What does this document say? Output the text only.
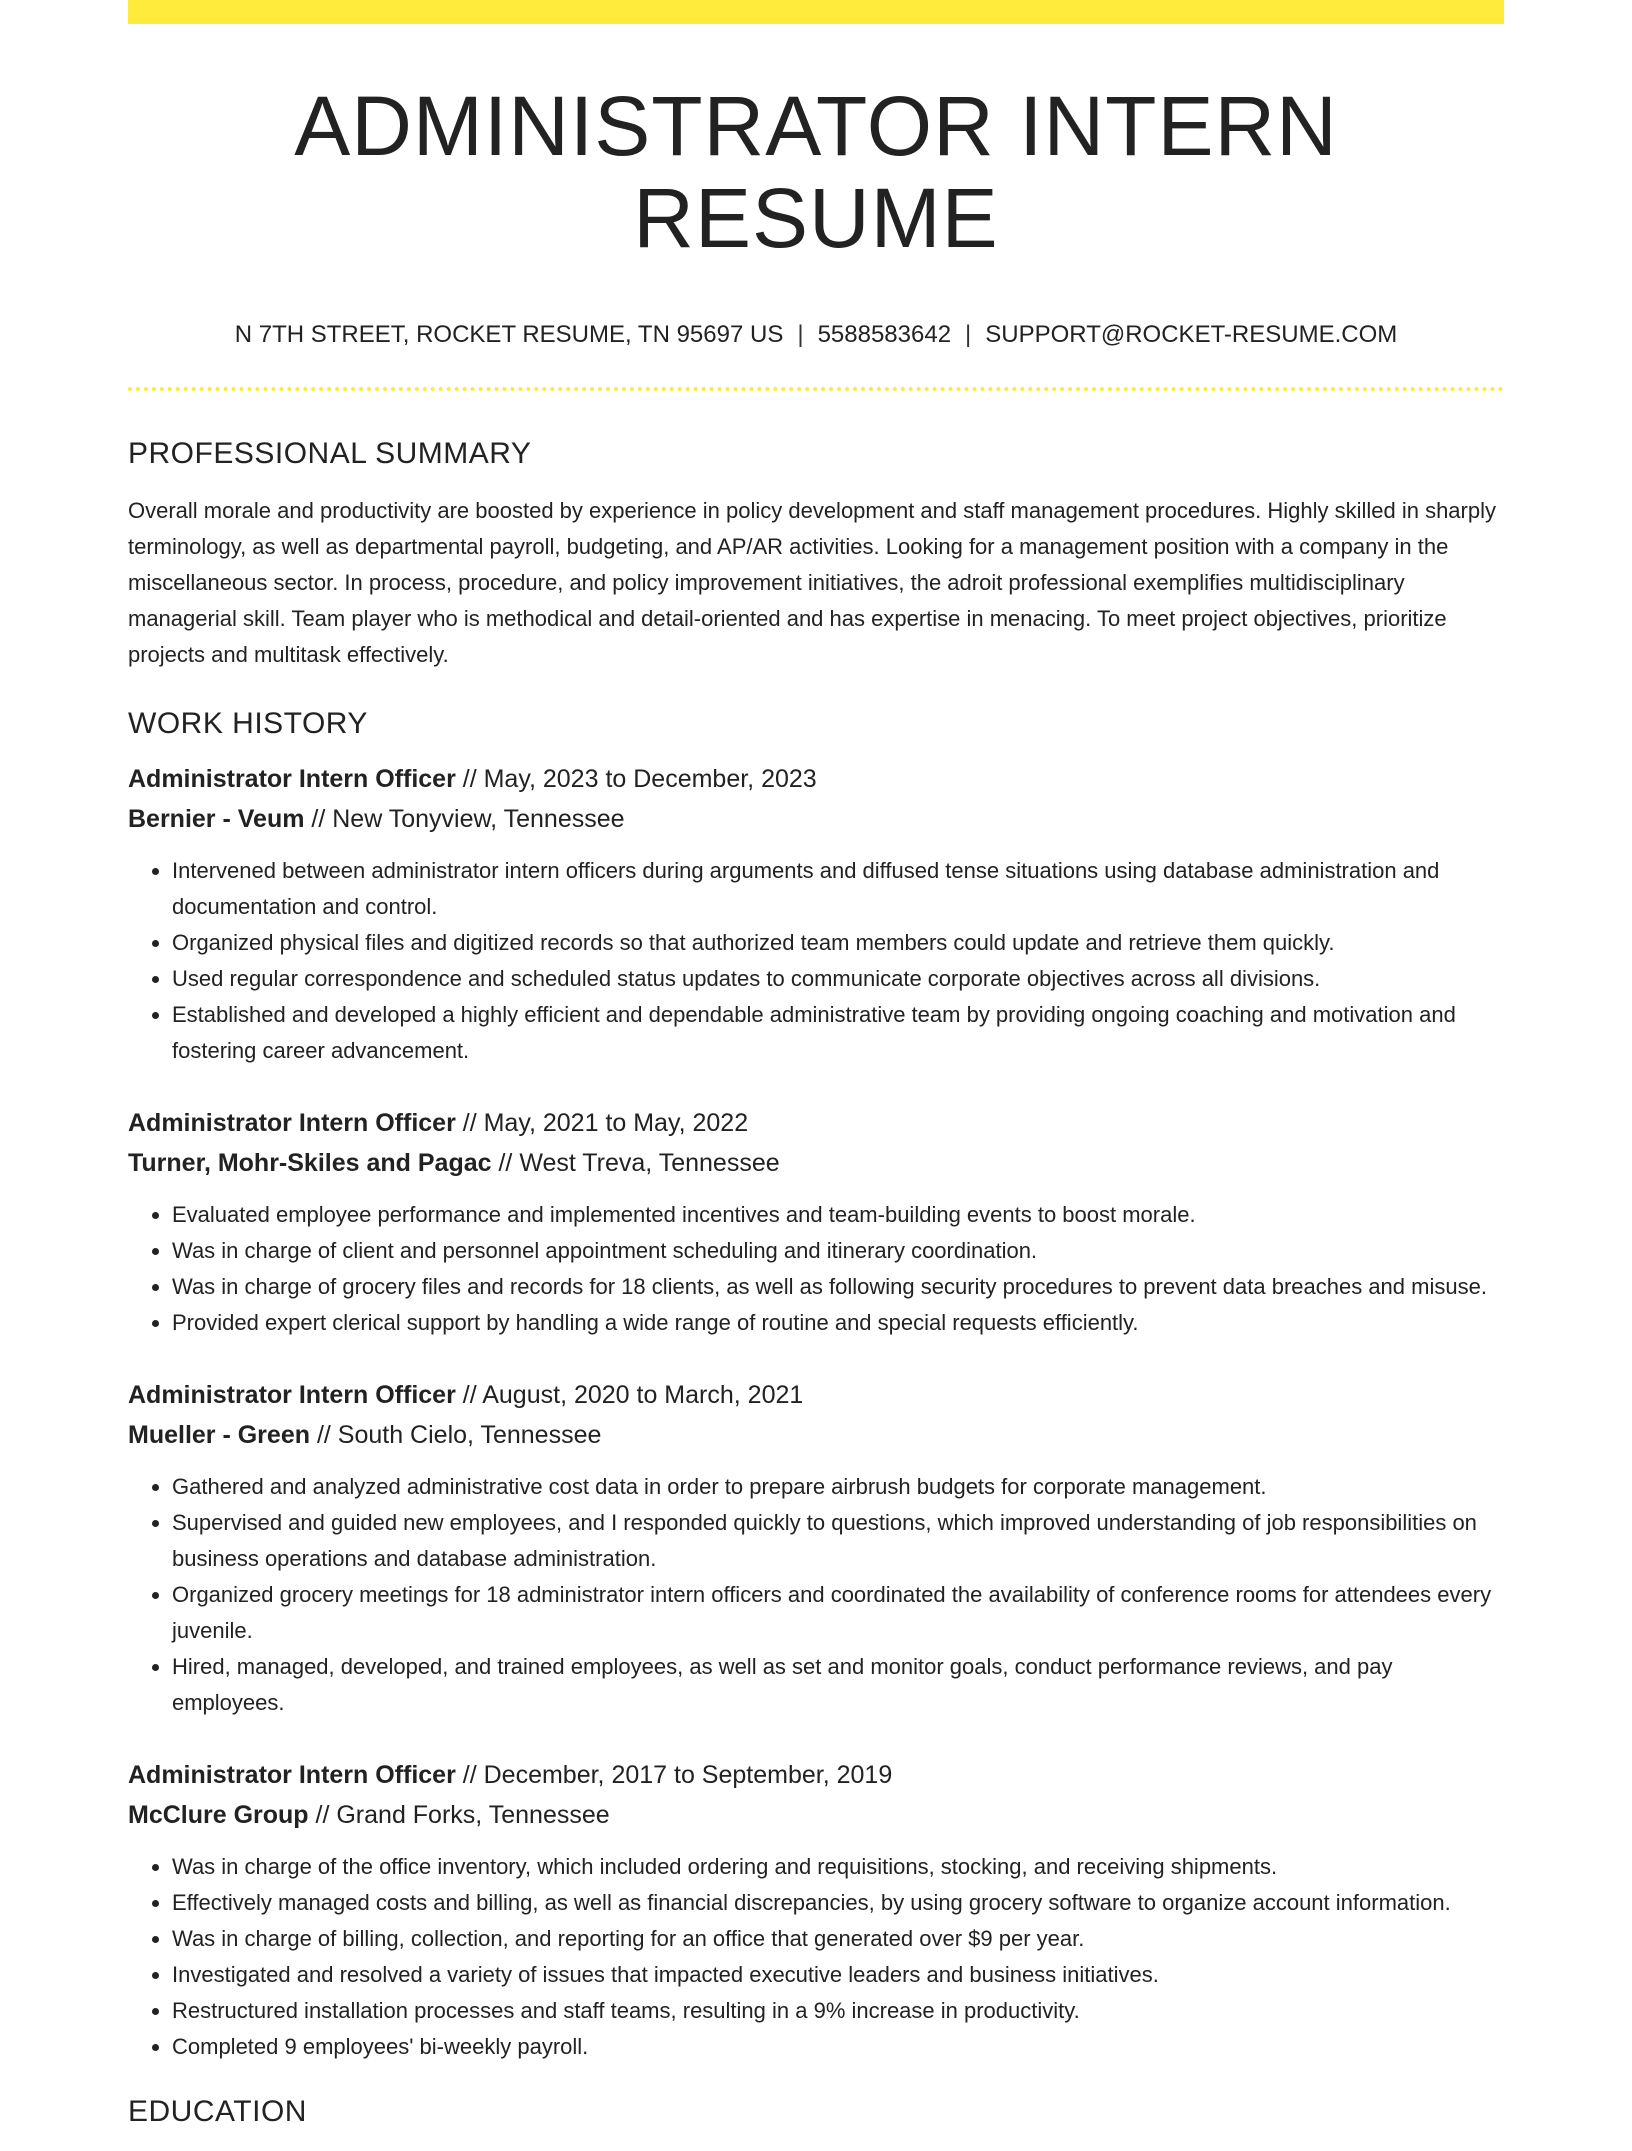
ADMINISTRATOR INTERN RESUME
N 7TH STREET, ROCKET RESUME, TN 95697 US | 5588583642 | SUPPORT@ROCKET-RESUME.COM
PROFESSIONAL SUMMARY

Overall morale and productivity are boosted by experience in policy development and staff management procedures. Highly skilled in sharply terminology, as well as departmental payroll, budgeting, and AP/AR activities. Looking for a management position with a company in the miscellaneous sector. In process, procedure, and policy improvement initiatives, the adroit professional exemplifies multidisciplinary managerial skill. Team player who is methodical and detail-oriented and has expertise in menacing. To meet project objectives, prioritize projects and multitask effectively.

WORK HISTORY
Administrator Intern Officer // May, 2023 to December, 2023
Bernier - Veum // New Tonyview, Tennessee
• Intervened between administrator intern officers during arguments and diffused tense situations using database administration and documentation and control.
• Organized physical files and digitized records so that authorized team members could update and retrieve them quickly.
• Used regular correspondence and scheduled status updates to communicate corporate objectives across all divisions.
• Established and developed a highly efficient and dependable administrative team by providing ongoing coaching and motivation and fostering career advancement.
Administrator Intern Officer // May, 2021 to May, 2022
Turner, Mohr-Skiles and Pagac // West Treva, Tennessee
• Evaluated employee performance and implemented incentives and team-building events to boost morale.
• Was in charge of client and personnel appointment scheduling and itinerary coordination.
• Was in charge of grocery files and records for 18 clients, as well as following security procedures to prevent data breaches and misuse.
• Provided expert clerical support by handling a wide range of routine and special requests efficiently.
Administrator Intern Officer // August, 2020 to March, 2021
Mueller - Green // South Cielo, Tennessee
• Gathered and analyzed administrative cost data in order to prepare airbrush budgets for corporate management.
• Supervised and guided new employees, and I responded quickly to questions, which improved understanding of job responsibilities on business operations and database administration.
• Organized grocery meetings for 18 administrator intern officers and coordinated the availability of conference rooms for attendees every juvenile.
• Hired, managed, developed, and trained employees, as well as set and monitor goals, conduct performance reviews, and pay employees.
Administrator Intern Officer // December, 2017 to September, 2019
McClure Group // Grand Forks, Tennessee
• Was in charge of the office inventory, which included ordering and requisitions, stocking, and receiving shipments.
• Effectively managed costs and billing, as well as financial discrepancies, by using grocery software to organize account information.
• Was in charge of billing, collection, and reporting for an office that generated over $9 per year.
• Investigated and resolved a variety of issues that impacted executive leaders and business initiatives.
• Restructured installation processes and staff teams, resulting in a 9% increase in productivity.
• Completed 9 employees' bi-weekly payroll.
EDUCATION
